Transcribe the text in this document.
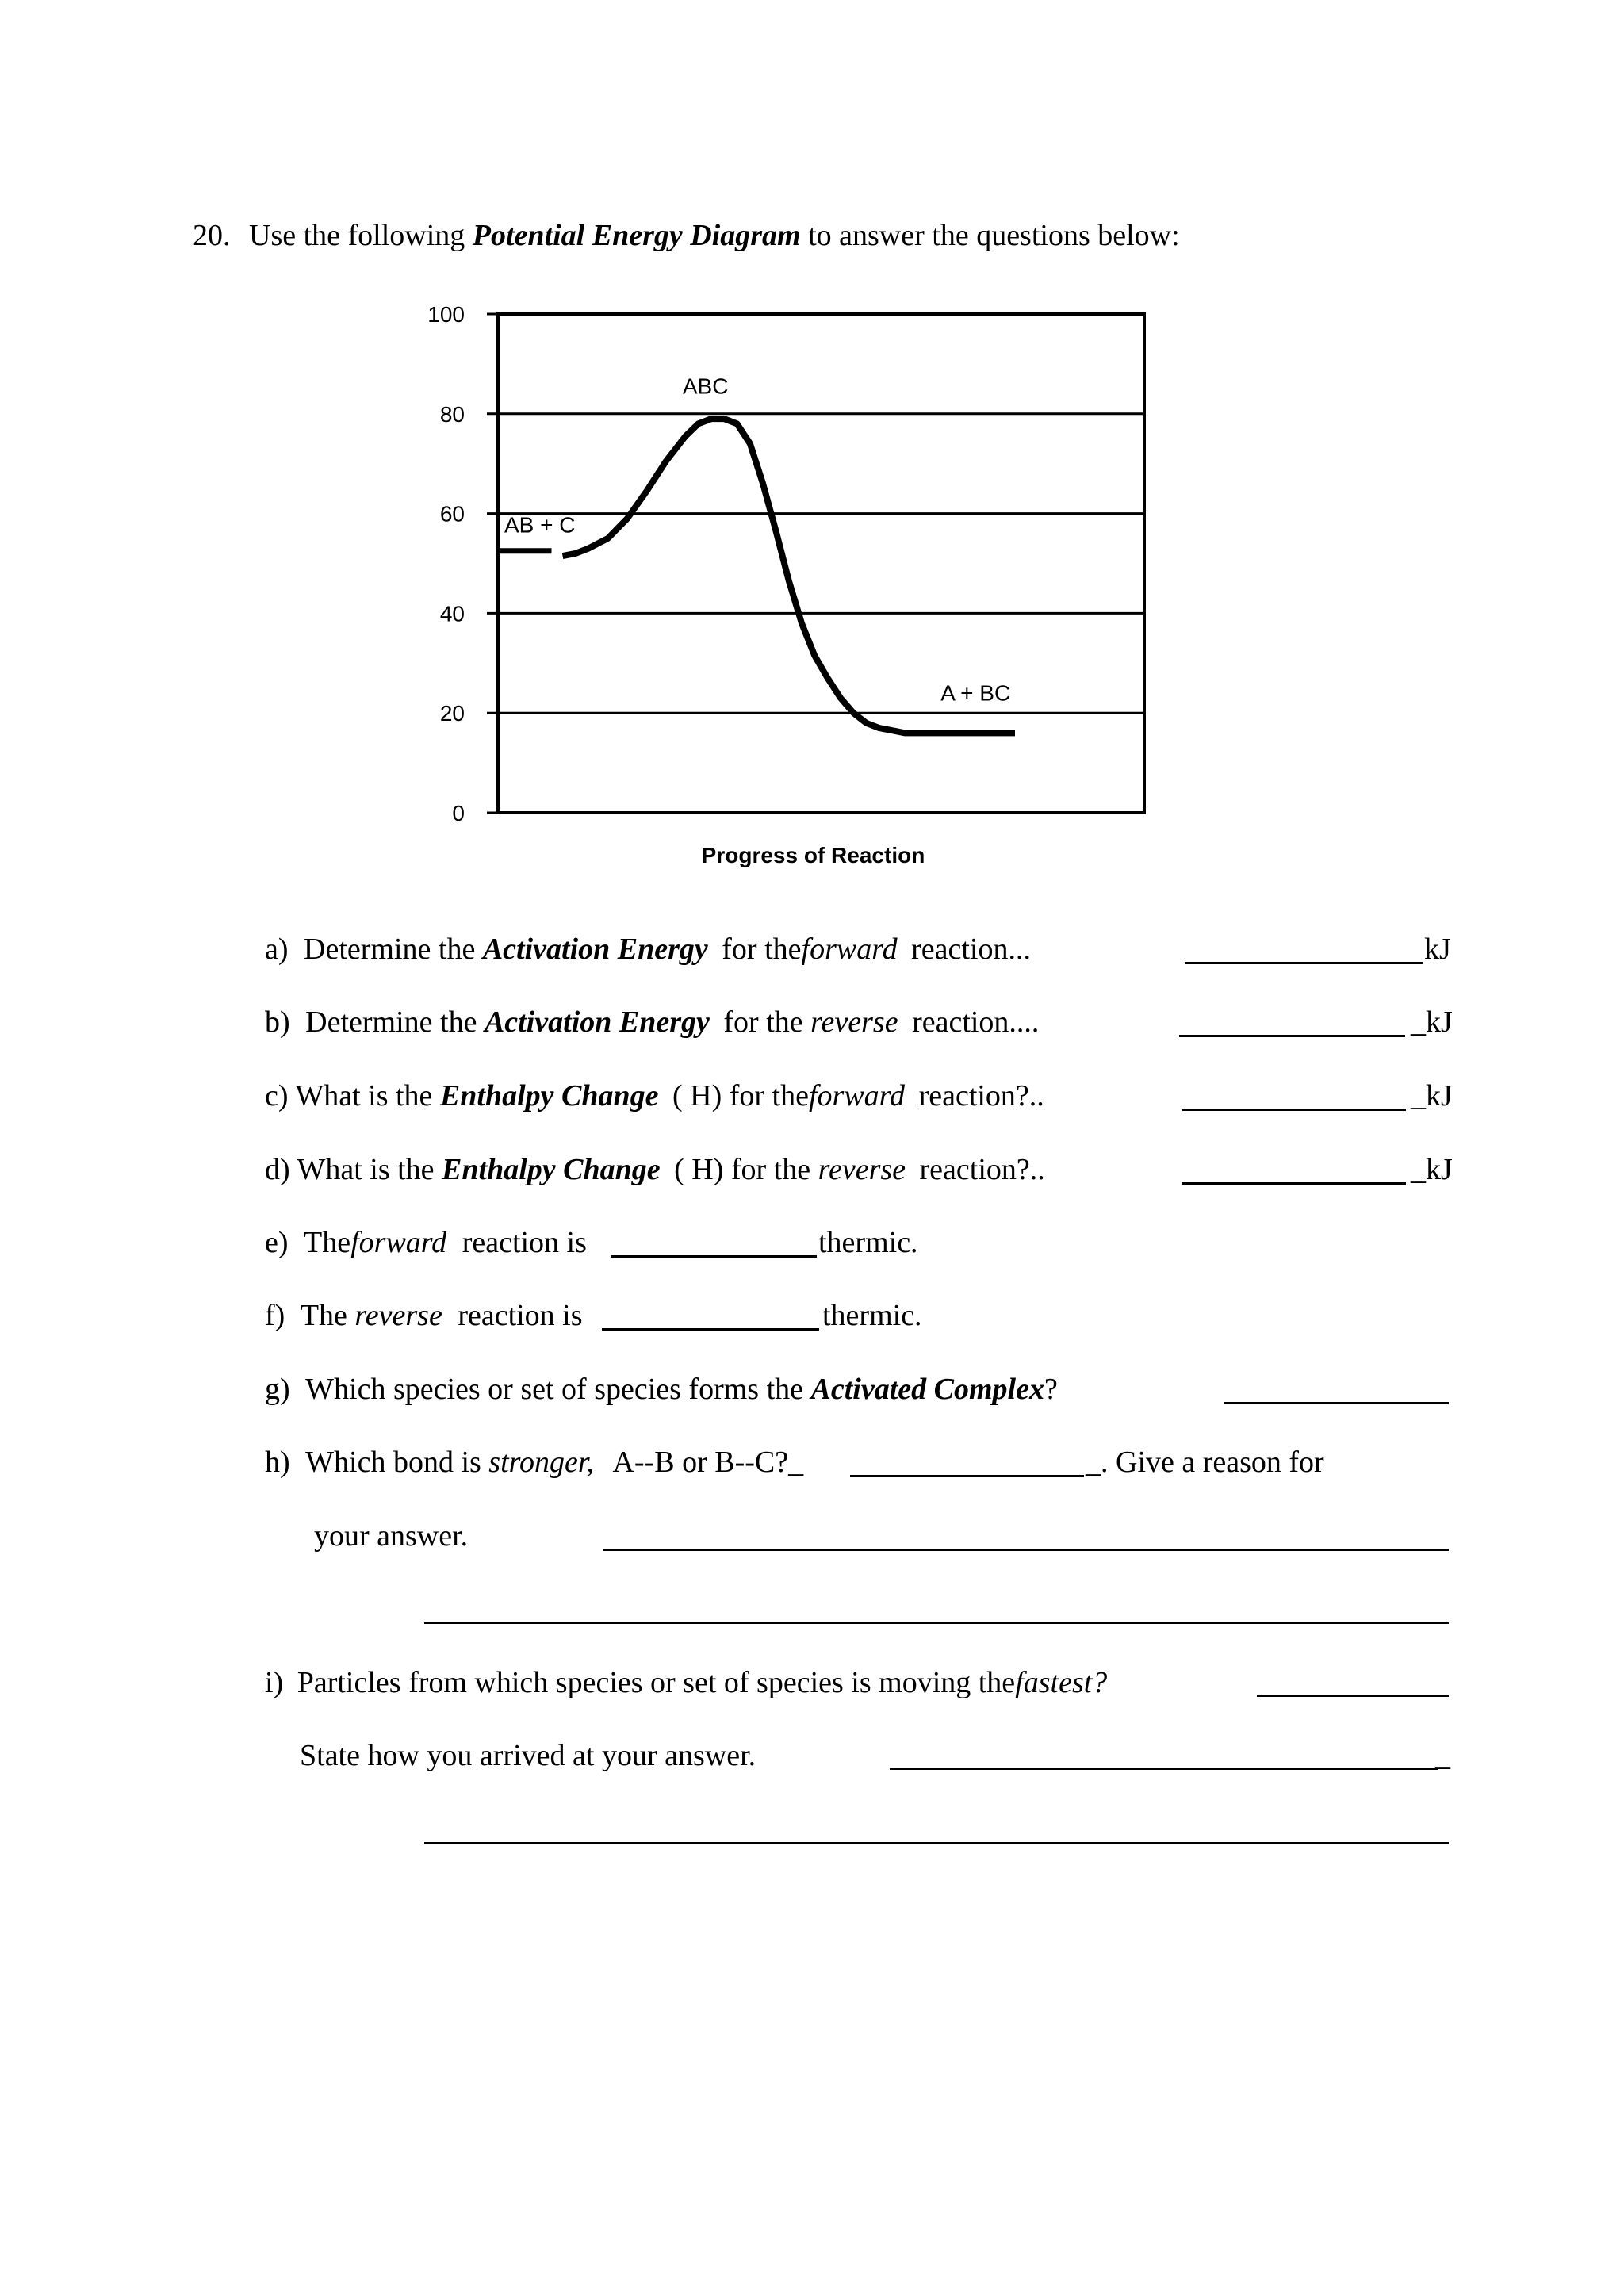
20. Use the following Potential Energy Diagram to answer the questions below:
0
20
40
60
80
100
AB + C
ABC
A + BC
Progress of Reaction
a) Determine the Activation Energy for theforward reaction...	kJ
b) Determine the Activation Energy for the reverse reaction....	_kJ
c) What is the Enthalpy Change ( H) for theforward reaction?..	_kJ
d) What is the Enthalpy Change ( H) for the reverse reaction?..	_kJ
e) Theforward reaction is	thermic.
f) The reverse reaction is	thermic.
g) Which species or set of species forms the Activated Complex?
h) Which bond is stronger, A--B or B--C?_	_. Give a reason for
your answer.
i) Particles from which species or set of species is moving thefastest?
State how you arrived at your answer.	_
